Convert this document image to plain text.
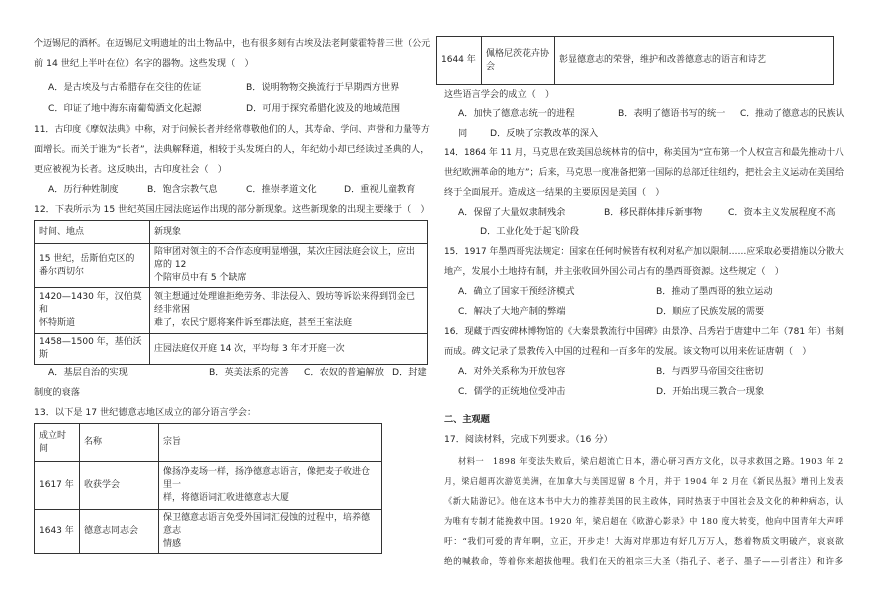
个迈锡尼的酒杯。在迈锡尼文明遗址的出土物品中，也有很多刻有古埃及法老阿蒙霍特普三世（公元
前 14 世纪上半叶在位）名字的器物。这些发现（　）
A．是古埃及与古希腊存在交往的佐证	B．说明物物交换流行于早期西方世界
C．印证了地中海东南葡萄酒文化起源	D．可用于探究希腊化波及的地域范围
11．古印度《摩奴法典》中称，对于问候长者并经常尊敬他们的人，其寿命、学问、声誉和力量等方
面增长。而关于谁为“长者”，法典解释道，相较于头发斑白的人，年纪幼小却已经读过圣典的人，
更应被视为长者。这反映出，古印度社会（　）
A．历行种姓制度	B．饱含宗教气息	C．推崇孝道文化	D．重视儿童教育
12．下表所示为 15 世纪英国庄园法庭运作出现的部分新现象。这些新现象的出现主要缘于（　）
时间、地点	新现象
15 世纪，岳斯伯克区的
番尔西切尔	陪审团对领主的不合作态度明显增强，某次庄园法庭会议上，应出席的 12
个陪审员中有 5 个缺席
1420—1430 年，汉伯莫和
怀特斯道	领主想通过处理谁拒绝劳务、非法侵入、毁坊等诉讼来得到罚金已经非常困
难了，农民宁愿将案件诉至郡法庭，甚至王室法庭
1458—1500 年，基伯沃斯	庄园法庭仅开庭 14 次，平均每 3 年才开庭一次
A．基层自治的实现	B．英美法系的完善 C．农奴的普遍解放 D．封建
制度的衰落
13．以下是 17 世纪德意志地区成立的部分语言学会：
成立时
间	名称	宗旨
1617 年	收获学会	像扬净麦场一样，扬净德意志语言，像把麦子收进仓里一
样，将德语词汇收进德意志大厦
1643 年	德意志同志会	保卫德意志语言免受外国词汇侵蚀的过程中，培养德意志
情感
1644 年	佩格尼茨花卉协
会	彰显德意志的荣誉，维护和改善德意志的语言和诗艺
这些语言学会的成立（　）
A．加快了德意志统一的进程	B．表明了德语书写的统一 C．推动了德意志的民族认
同 D．反映了宗教改革的深入
14．1864 年 11 月，马克思在致美国总统林肯的信中，称美国为“宣布第一个人权宣言和最先推动十八
世纪欧洲革命的地方”；后来，马克思一度准备把第一国际的总部迁往纽约，把社会主义运动在美国给
终于全面展开。造成这一结果的主要原因是美国（　）
A．保留了大量奴隶制残余	B．移民群体排斥新事物	C．资本主义发展程度不高
D．工业化处于起飞阶段
15．1917 年墨西哥宪法规定：国家在任何时候皆有权利对私产加以限制……应采取必要措施以分散大
地产，发展小土地持有制，并主张收回外国公司占有的墨西哥资源。这些规定（　）
A．确立了国家干预经济模式	B．推动了墨西哥的独立运动
C．解决了大地产制的弊端	D．顺应了民族发展的需要
16．现藏于西安碑林博物馆的《大秦景教流行中国碑》由景净、吕秀岩于唐建中二年（781 年）书刻
而成。碑文记录了景教传入中国的过程和一百多年的发展。该文物可以用来佐证唐朝（　）
A．对外关系称为开放包容	B．与西罗马帝国交往密切
C．儒学的正统地位受冲击	D．开始出现三教合一现象
二、主观题
17．阅读材料，完成下列要求。（16 分）
材料一　1898 年变法失败后，梁启超流亡日本，潜心研习西方文化，以寻求救国之路。1903 年 2
月，梁启超再次游览美洲，在加拿大与美国逗留 8 个月，并于 1904 年 2 月在《新民丛报》增刊上发表
《新大陆游记》。他在这本书中大力的推荐美国的民主政体，同时热衷于中国社会及文化的种种病态，认
为唯有专制才能挽救中国。1920 年，梁启超在《欧游心影录》中 180 度大转变，他向中国青年大声呼
吁：“我们可爱的青年啊，立正，开步走！大海对岸那边有好几万万人，愁着物质文明破产，哀哀欲
绝的喊救命，等着你来超拔他哩。我们在天的祖宗三大圣（指孔子、老子、墨子——引者注）和许多
